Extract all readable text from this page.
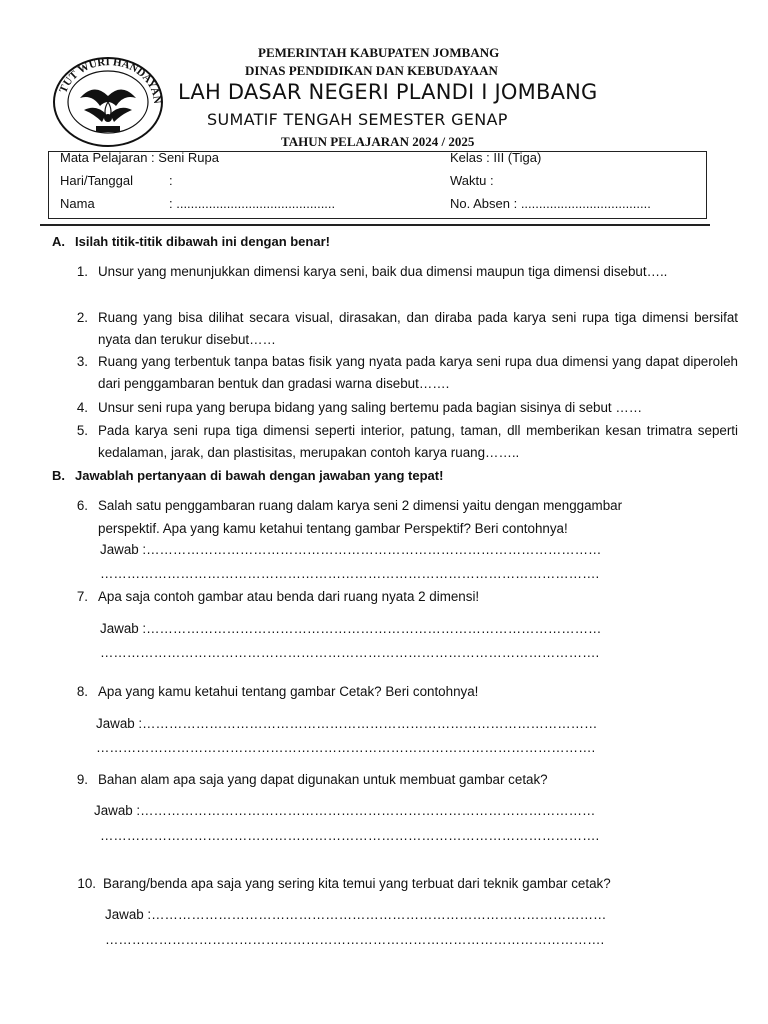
TUT WURI HANDAYAN
PEMERINTAH KABUPATEN JOMBANG
DINAS PENDIDIKAN DAN KEBUDAYAAN
LAH DASAR NEGERI PLANDI I JOMBANG
SUMATIF TENGAH SEMESTER GENAP
TAHUN PELAJARAN 2024 / 2025
Mata Pelajaran : Seni Rupa
Hari/Tanggal	:
Nama	: ............................................
Kelas : III (Tiga)
Waktu :
No. Absen : ....................................
A. Isilah titik-titik dibawah ini dengan benar!
1. Unsur yang menunjukkan dimensi karya seni, baik dua dimensi maupun tiga dimensi disebut…..
2. Ruang yang bisa dilihat secara visual, dirasakan, dan diraba pada karya seni rupa tiga dimensi bersifat nyata dan terukur disebut……
3. Ruang yang terbentuk tanpa batas fisik yang nyata pada karya seni rupa dua dimensi yang dapat diperoleh dari penggambaran bentuk dan gradasi warna disebut…….
4. Unsur seni rupa yang berupa bidang yang saling bertemu pada bagian sisinya di sebut ……
5. Pada karya seni rupa tiga dimensi seperti interior, patung, taman, dll memberikan kesan trimatra seperti kedalaman, jarak, dan plastisitas, merupakan contoh karya ruang……..
B. Jawablah pertanyaan di bawah dengan jawaban yang tepat!
6. Salah satu penggambaran ruang dalam karya seni 2 dimensi yaitu dengan menggambar
perspektif. Apa yang kamu ketahui tentang gambar Perspektif? Beri contohnya!
Jawab :…………………………………………………………………………………………
………………………………………………………………………………………………….
7. Apa saja contoh gambar atau benda dari ruang nyata 2 dimensi!
Jawab :…………………………………………………………………………………………
………………………………………………………………………………………………….
8. Apa yang kamu ketahui tentang gambar Cetak? Beri contohnya!
Jawab :…………………………………………………………………………………………
………………………………………………………………………………………………….
9. Bahan alam apa saja yang dapat digunakan untuk membuat gambar cetak?
Jawab :…………………………………………………………………………………………
………………………………………………………………………………………………….
10. Barang/benda apa saja yang sering kita temui yang terbuat dari teknik gambar cetak?
Jawab :…………………………………………………………………………………………
………………………………………………………………………………………………….
